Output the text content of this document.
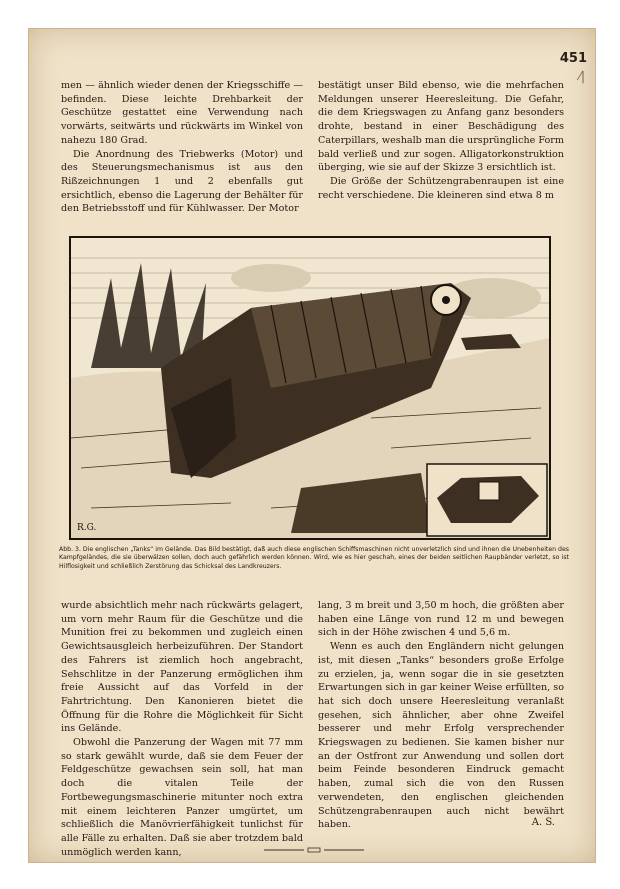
451
⁄|

men — ähnlich wieder denen der Kriegsschiffe — befinden. Diese leichte Drehbarkeit der Geschütze gestattet eine Verwendung nach vorwärts, seitwärts und rückwärts im Winkel von nahezu 180 Grad.

Die Anordnung des Triebwerks (Motor) und des Steuerungsmechanismus ist aus den Rißzeichnungen 1 und 2 ebenfalls gut ersichtlich, ebenso die Lagerung der Behälter für den Betriebsstoff und für Kühlwasser. Der Motor

bestätigt unser Bild ebenso, wie die mehrfachen Meldungen unserer Heeresleitung. Die Gefahr, die dem Kriegswagen zu Anfang ganz besonders drohte, bestand in einer Beschädigung des Caterpillars, weshalb man die ursprüngliche Form bald verließ und zur sogen. Alligatorkonstruktion überging, wie sie auf der Skizze 3 ersichtlich ist.

Die Größe der Schützengrabenraupen ist eine recht verschiedene. Die kleineren sind etwa 8 m

R.G.
Abb. 3. Die englischen „Tanks“ im Gelände. Das Bild bestätigt, daß auch diese englischen Schiffsmaschinen nicht unverletzlich sind und ihnen die Unebenheiten des Kampfgeländes, die sie überwälzen sollen, doch auch gefährlich werden können. Wird, wie es hier geschah, eines der beiden seitlichen Raupbänder verletzt, so ist Hilflosigkeit und schließlich Zerstörung das Schicksal des Landkreuzers.

wurde absichtlich mehr nach rückwärts gelagert, um vorn mehr Raum für die Geschütze und die Munition frei zu bekommen und zugleich einen Gewichtsausgleich herbeizuführen. Der Standort des Fahrers ist ziemlich hoch angebracht, Sehschlitze in der Panzerung ermöglichen ihm freie Aussicht auf das Vorfeld in der Fahrtrichtung. Den Kanonieren bietet die Öffnung für die Rohre die Möglichkeit für Sicht ins Gelände.

Obwohl die Panzerung der Wagen mit 77 mm so stark gewählt wurde, daß sie dem Feuer der Feldgeschütze gewachsen sein soll, hat man doch die vitalen Teile der Fortbewegungsmaschinerie mitunter noch extra mit einem leichteren Panzer umgürtet, um schließlich die Manövrierfähigkeit tunlichst für alle Fälle zu erhalten. Daß sie aber trotzdem bald unmöglich werden kann,

lang, 3 m breit und 3,50 m hoch, die größten aber haben eine Länge von rund 12 m und bewegen sich in der Höhe zwischen 4 und 5,6 m.

Wenn es auch den Engländern nicht gelungen ist, mit diesen „Tanks“ besonders große Erfolge zu erzielen, ja, wenn sogar die in sie gesetzten Erwartungen sich in gar keiner Weise erfüllten, so hat sich doch unsere Heeresleitung veranlaßt gesehen, sich ähnlicher, aber ohne Zweifel besserer und mehr Erfolg versprechender Kriegswagen zu bedienen. Sie kamen bisher nur an der Ostfront zur Anwendung und sollen dort beim Feinde besonderen Eindruck gemacht haben, zumal sich die von den Russen verwendeten, den englischen gleichenden Schützengrabenraupen auch nicht bewährt haben.	A. S.
